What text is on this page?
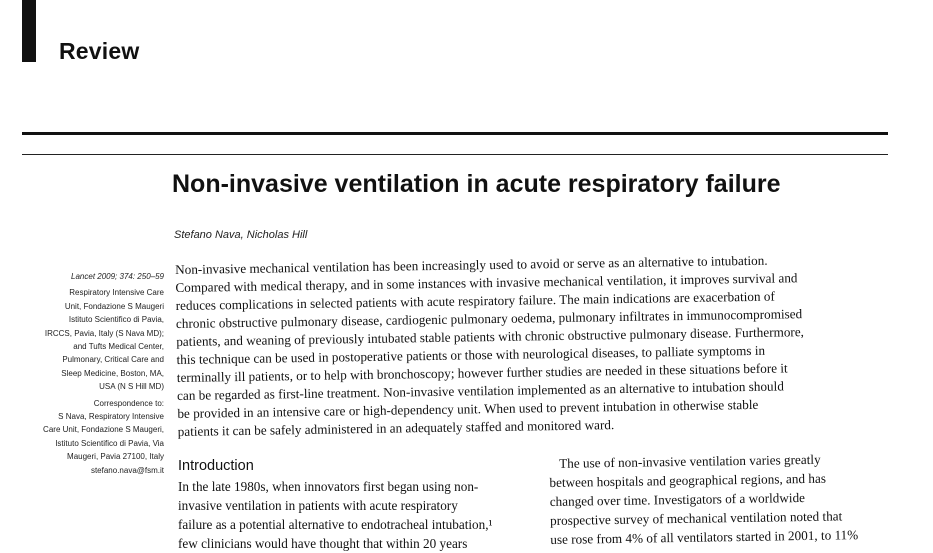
Review
Non-invasive ventilation in acute respiratory failure
Stefano Nava, Nicholas Hill
Lancet 2009; 374: 250–59
Respiratory Intensive Care
Unit, Fondazione S Maugeri
Istituto Scientifico di Pavia,
IRCCS, Pavia, Italy (S Nava MD);
and Tufts Medical Center,
Pulmonary, Critical Care and
Sleep Medicine, Boston, MA,
USA (N S Hill MD)
Correspondence to:
S Nava, Respiratory Intensive
Care Unit, Fondazione S Maugeri,
Istituto Scientifico di Pavia, Via
Maugeri, Pavia 27100, Italy
stefano.nava@fsm.it
Non-invasive mechanical ventilation has been increasingly used to avoid or serve as an alternative to intubation.
Compared with medical therapy, and in some instances with invasive mechanical ventilation, it improves survival and
reduces complications in selected patients with acute respiratory failure. The main indications are exacerbation of
chronic obstructive pulmonary disease, cardiogenic pulmonary oedema, pulmonary infiltrates in immunocompromised
patients, and weaning of previously intubated stable patients with chronic obstructive pulmonary disease. Furthermore,
this technique can be used in postoperative patients or those with neurological diseases, to palliate symptoms in
terminally ill patients, or to help with bronchoscopy; however further studies are needed in these situations before it
can be regarded as first-line treatment. Non-invasive ventilation implemented as an alternative to intubation should
be provided in an intensive care or high-dependency unit. When used to prevent intubation in otherwise stable
patients it can be safely administered in an adequately staffed and monitored ward.
Introduction
In the late 1980s, when innovators first began using non-
invasive ventilation in patients with acute respiratory
failure as a potential alternative to endotracheal intubation,¹
few clinicians would have thought that within 20 years
The use of non-invasive ventilation varies greatly
between hospitals and geographical regions, and has
changed over time. Investigators of a worldwide
prospective survey of mechanical ventilation noted that
use rose from 4% of all ventilators started in 2001, to 11%
